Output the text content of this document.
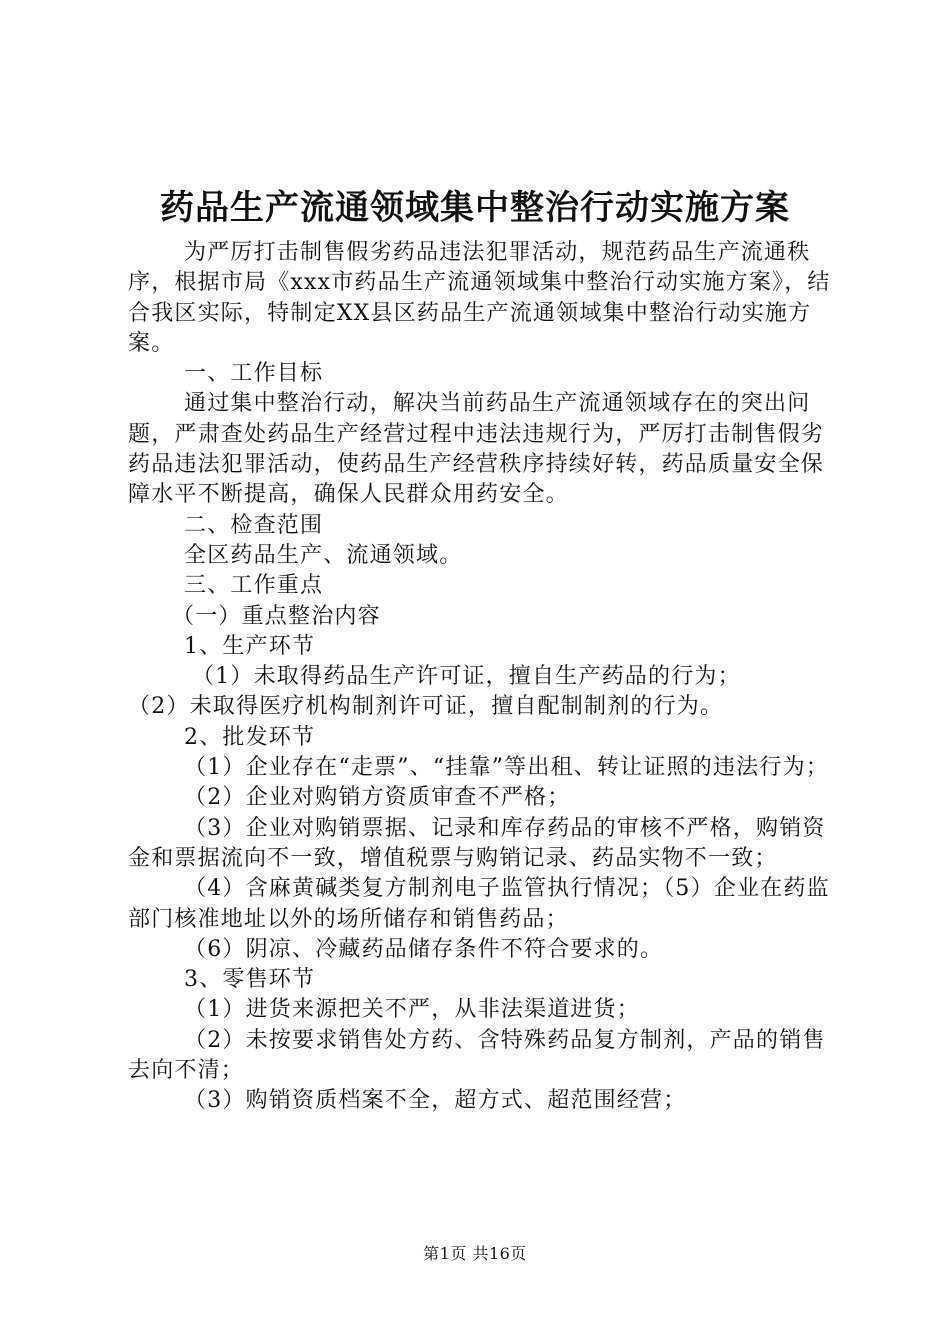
药品生产流通领域集中整治行动实施方案

为严厉打击制售假劣药品违法犯罪活动，规范药品生产流通秩序，根据市局《xxx市药品生产流通领域集中整治行动实施方案》，结合我区实际，特制定XX县区药品生产流通领域集中整治行动实施方案。

一、工作目标

通过集中整治行动，解决当前药品生产流通领域存在的突出问题，严肃查处药品生产经营过程中违法违规行为，严厉打击制售假劣药品违法犯罪活动，使药品生产经营秩序持续好转，药品质量安全保障水平不断提高，确保人民群众用药安全。

二、检查范围

全区药品生产、流通领域。

三、工作重点

（一）重点整治内容

1、生产环节

（1）未取得药品生产许可证，擅自生产药品的行为；

（2）未取得医疗机构制剂许可证，擅自配制制剂的行为。

2、批发环节

（1）企业存在“走票”、“挂靠”等出租、转让证照的违法行为；

（2）企业对购销方资质审查不严格；

（3）企业对购销票据、记录和库存药品的审核不严格，购销资金和票据流向不一致，增值税票与购销记录、药品实物不一致；

（4）含麻黄碱类复方制剂电子监管执行情况；（5）企业在药监部门核准地址以外的场所储存和销售药品；

（6）阴凉、冷藏药品储存条件不符合要求的。

3、零售环节

（1）进货来源把关不严，从非法渠道进货；

（2）未按要求销售处方药、含特殊药品复方制剂，产品的销售去向不清；

（3）购销资质档案不全，超方式、超范围经营；

第1页 共16页
